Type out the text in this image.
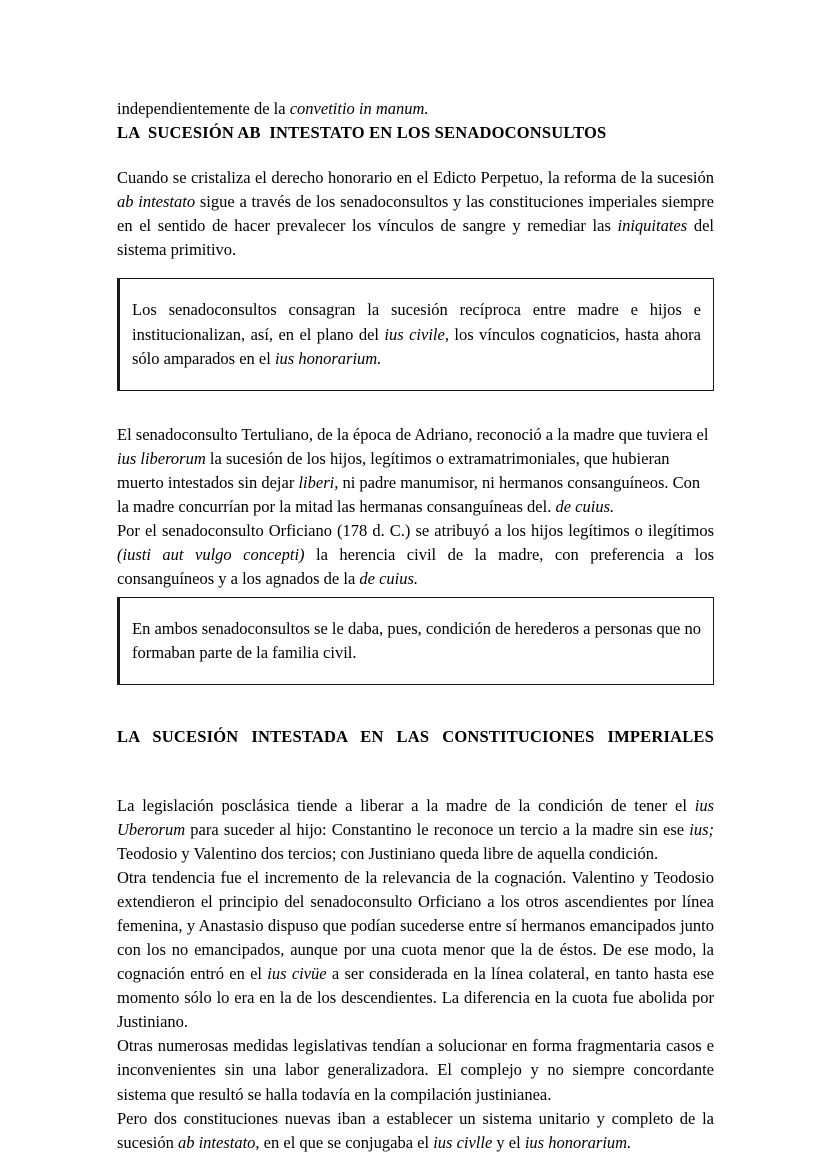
independientemente de la convetitio in manum.

LA  SUCESIÓN AB  INTESTATO EN LOS SENADOCONSULTOS

Cuando se cristaliza el derecho honorario en el Edicto Perpetuo, la reforma de la sucesión ab intestato sigue a través de los senadoconsultos y las constituciones imperiales siempre en el sentido de hacer prevalecer los vínculos de sangre y remediar las iniquitates del sistema primitivo.

Los senadoconsultos consagran la sucesión recíproca entre madre e hijos e institucionalizan, así, en el plano del ius civile, los vínculos cognaticios, hasta ahora sólo amparados en el ius honorarium.

El senadoconsulto Tertuliano, de la época de Adriano, reconoció a la madre que tuviera el ius liberorum la sucesión de los hijos, legítimos o extramatrimoniales, que hubieran muerto intestados sin dejar liberi, ni padre manumisor, ni hermanos consanguíneos. Con la madre concurrían por la mitad las hermanas consanguíneas del. de cuius.

Por el senadoconsulto Orficiano (178 d. C.) se atribuyó a los hijos legítimos o ilegítimos (iusti aut vulgo concepti) la herencia civil de la madre, con preferencia a los consanguíneos y a los agnados de la de cuius.

En ambos senadoconsultos se le daba, pues, condición de herederos a personas que no formaban parte de la familia civil.

LA SUCESIÓN INTESTADA EN LAS CONSTITUCIONES IMPERIALES

La legislación posclásica tiende a liberar a la madre de la condición de tener el ius Uberorum para suceder al hijo: Constantino le reconoce un tercio a la madre sin ese ius; Teodosio y Valentino dos tercios; con Justiniano queda libre de aquella condición.

Otra tendencia fue el incremento de la relevancia de la cognación. Valentino y Teodosio extendieron el principio del senadoconsulto Orficiano a los otros ascendientes por línea femenina, y Anastasio dispuso que podían sucederse entre sí hermanos emancipados junto con los no emancipados, aunque por una cuota menor que la de éstos. De ese modo, la cognación entró en el ius civüe a ser considerada en la línea colateral, en tanto hasta ese momento sólo lo era en la de los descendientes. La diferencia en la cuota fue abolida por Justiniano.

Otras numerosas medidas legislativas tendían a solucionar en forma fragmentaria casos e inconvenientes sin una labor generalizadora. El complejo y no siempre concordante sistema que resultó se halla todavía en la compilación justinianea.

Pero dos constituciones nuevas iban a establecer un sistema unitario y completo de la sucesión ab intestato, en el que se conjugaba el ius civlle y el ius honorarium.
